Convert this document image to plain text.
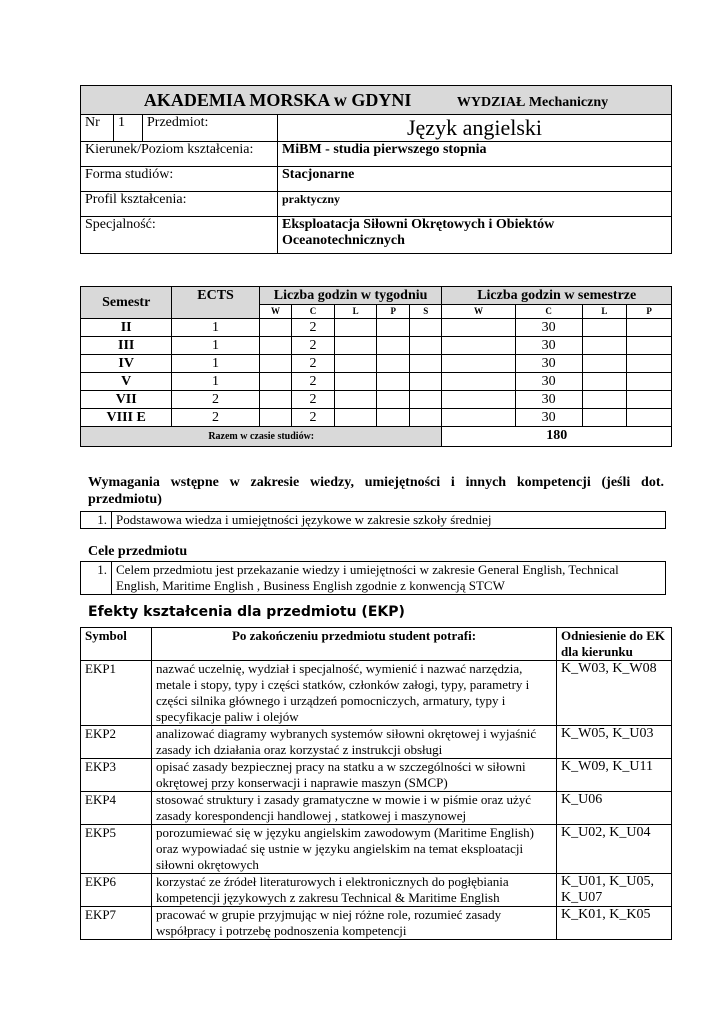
AKADEMIA MORSKA w GDYNI WYDZIAŁ Mechaniczny			
Nr	1	Przedmiot:	Język angielski
Kierunek/Poziom kształcenia:			MiBM - studia pierwszego stopnia
Forma studiów:			Stacjonarne
Profil kształcenia:			praktyczny
Specjalność:			Eksploatacja Siłowni Okrętowych i Obiektów Oceanotechnicznych
Semestr	ECTS	Liczba godzin w tygodniu					Liczba godzin w semestrze			
		W	C	L	P	S	W	C	L	P
II	1		2					30		
III	1		2					30		
IV	1		2					30		
V	1		2					30		
VII	2		2					30		
VIII E	2		2					30		
Razem w czasie studiów:							180			
Wymagania wstępne w zakresie wiedzy, umiejętności i innych kompetencji (jeśli dot.
przedmiotu)
1.	Podstawowa wiedza i umiejętności językowe w zakresie szkoły średniej
Cele przedmiotu
1.	Celem przedmiotu jest przekazanie wiedzy i umiejętności w zakresie General English, Technical English, Maritime English , Business English zgodnie z konwencją STCW
Efekty kształcenia dla przedmiotu (EKP)
Symbol	Po zakończeniu przedmiotu student potrafi:	Odniesienie do EK dla kierunku
EKP1	nazwać uczelnię, wydział i specjalność, wymienić i nazwać narzędzia, metale i stopy, typy i części statków, członków załogi, typy, parametry i części silnika głównego i urządzeń pomocniczych, armatury, typy i specyfikacje paliw i olejów	K_W03, K_W08
EKP2	analizować diagramy wybranych systemów siłowni okrętowej i wyjaśnić zasady ich działania oraz korzystać z instrukcji obsługi	K_W05, K_U03
EKP3	opisać zasady bezpiecznej pracy na statku a w szczególności w siłowni okrętowej przy konserwacji i naprawie maszyn (SMCP)	K_W09, K_U11
EKP4	stosować struktury i zasady gramatyczne w mowie i w piśmie oraz użyć zasady korespondencji handlowej , statkowej i maszynowej	K_U06
EKP5	porozumiewać się w języku angielskim zawodowym (Maritime English) oraz wypowiadać się ustnie w języku angielskim na temat eksploatacji siłowni okrętowych	K_U02, K_U04
EKP6	korzystać ze źródeł literaturowych i elektronicznych do pogłębiania kompetencji językowych z zakresu Technical & Maritime English	K_U01, K_U05, K_U07
EKP7	pracować w grupie przyjmując w niej różne role, rozumieć zasady współpracy i potrzebę podnoszenia kompetencji	K_K01, K_K05
